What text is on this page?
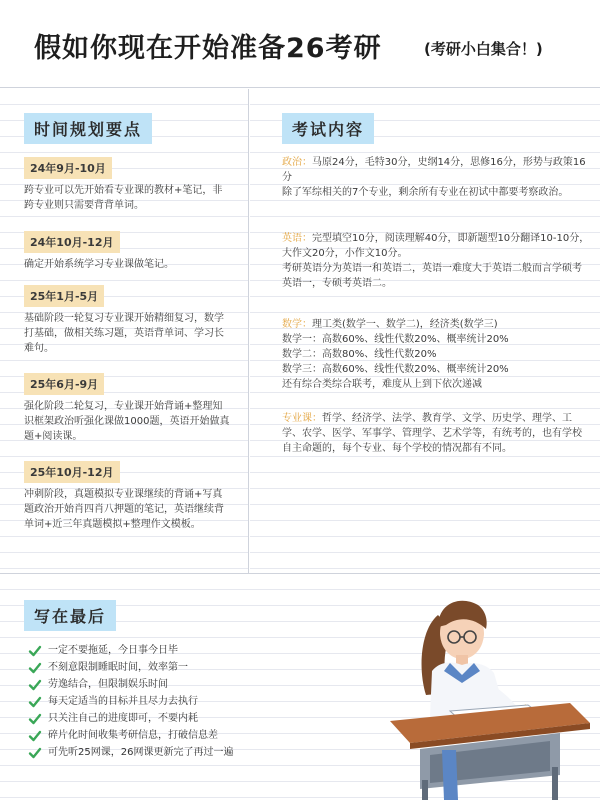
假如你现在开始准备26考研	(考研小白集合！)
时间规划要点
24年9月-10月
跨专业可以先开始看专业课的教材+笔记，非跨专业则只需要背背单词。
24年10月-12月
确定开始系统学习专业课做笔记。
25年1月-5月
基础阶段一轮复习专业课开始精细复习，数学打基础，做相关练习题，英语背单词、学习长难句。
25年6月-9月
强化阶段二轮复习，专业课开始背诵+整理知识框架政治听强化课做1000题，英语开始做真题+阅读课。
25年10月-12月
冲刺阶段，真题模拟专业课继续的背诵+写真题政治开始肖四肖八押题的笔记，英语继续背单词+近三年真题模拟+整理作文模板。
考试内容
政治：马原24分，毛特30分，史纲14分，思修16分，形势与政策16分
除了军综相关的7个专业，剩余所有专业在初试中都要考察政治。
英语：完型填空10分，阅读理解40分，即新题型10分翻译10-10分，大作文20分，小作文10分。
考研英语分为英语一和英语二，英语一难度大于英语二般而言学硕考英语一，专硕考英语二。
数学：理工类(数学一、数学二)，经济类(数学三)
数学一：高数60%、线性代数20%、概率统计20%
数学二：高数80%、线性代数20%
数学三：高数60%、线性代数20%、概率统计20%
还有综合类综合联考，难度从上到下依次递减
专业课：哲学、经济学、法学、教育学、文学、历史学、理学、工学、农学、医学、军事学、管理学、艺术学等，有统考的，也有学校自主命题的，每个专业、每个学校的情况都有不同。
写在最后
一定不要拖延，今日事今日毕
不刻意限制睡眠时间，效率第一
劳逸结合，但限制娱乐时间
每天定适当的目标并且尽力去执行
只关注自己的进度即可，不要内耗
碎片化时间收集考研信息，打破信息差
可先听25网课，26网课更新完了再过一遍
